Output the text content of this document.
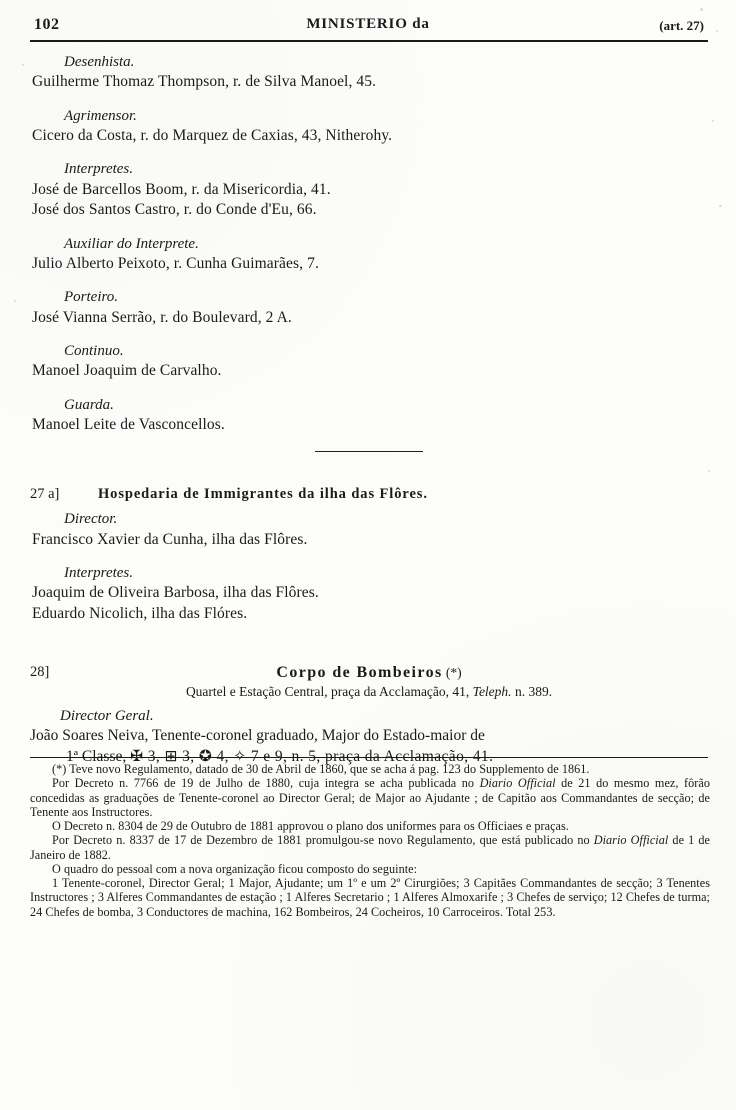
102	MINISTERIO da	(art. 27)
Desenhista.
Guilherme Thomaz Thompson, r. de Silva Manoel, 45.
Agrimensor.
Cicero da Costa, r. do Marquez de Caxias, 43, Nitherohy.
Interpretes.
José de Barcellos Boom, r. da Misericordia, 41.
José dos Santos Castro, r. do Conde d'Eu, 66.
Auxiliar do Interprete.
Julio Alberto Peixoto, r. Cunha Guimarães, 7.
Porteiro.
José Vianna Serrão, r. do Boulevard, 2 A.
Continuo.
Manoel Joaquim de Carvalho.
Guarda.
Manoel Leite de Vasconcellos.
27 a]	Hospedaria de Immigrantes da ilha das Flôres.
Director.
Francisco Xavier da Cunha, ilha das Flôres.
Interpretes.
Joaquim de Oliveira Barbosa, ilha das Flôres.
Eduardo Nicolich, ilha das Flóres.
28]	Corpo de Bombeiros (*)
Quartel e Estação Central, praça da Acclamação, 41, Teleph. n. 389.
Director Geral.
João Soares Neiva, Tenente-coronel graduado, Major do Estado-maior de
1ª Classe, ✠ 3, ⊞ 3, ✪ 4, ✧ 7 e 9, n. 5, praça da Acclamação, 41.

(*) Teve novo Regulamento, datado de 30 de Abril de 1860, que se acha á pag. 123 do Supplemento de 1861.

Por Decreto n. 7766 de 19 de Julho de 1880, cuja integra se acha publicada no Diario Official de 21 do mesmo mez, fôrão concedidas as graduações de Tenente-coronel ao Director Geral; de Major ao Ajudante ; de Capitão aos Commandantes de secção; de Tenente aos Instructores.

O Decreto n. 8304 de 29 de Outubro de 1881 approvou o plano dos uniformes para os Officiaes e praças.

Por Decreto n. 8337 de 17 de Dezembro de 1881 promulgou-se novo Regulamento, que está publicado no Diario Official de 1 de Janeiro de 1882.

O quadro do pessoal com a nova organização ficou composto do seguinte:

1 Tenente-coronel, Director Geral; 1 Major, Ajudante; um 1º e um 2º Cirurgiões; 3 Capitães Commandantes de secção; 3 Tenentes Instructores ; 3 Alferes Commandantes de estação ; 1 Alferes Secretario ; 1 Alferes Almoxarife ; 3 Chefes de serviço; 12 Chefes de turma; 24 Chefes de bomba, 3 Conductores de machina, 162 Bombeiros, 24 Cocheiros, 10 Carroceiros. Total 253.
